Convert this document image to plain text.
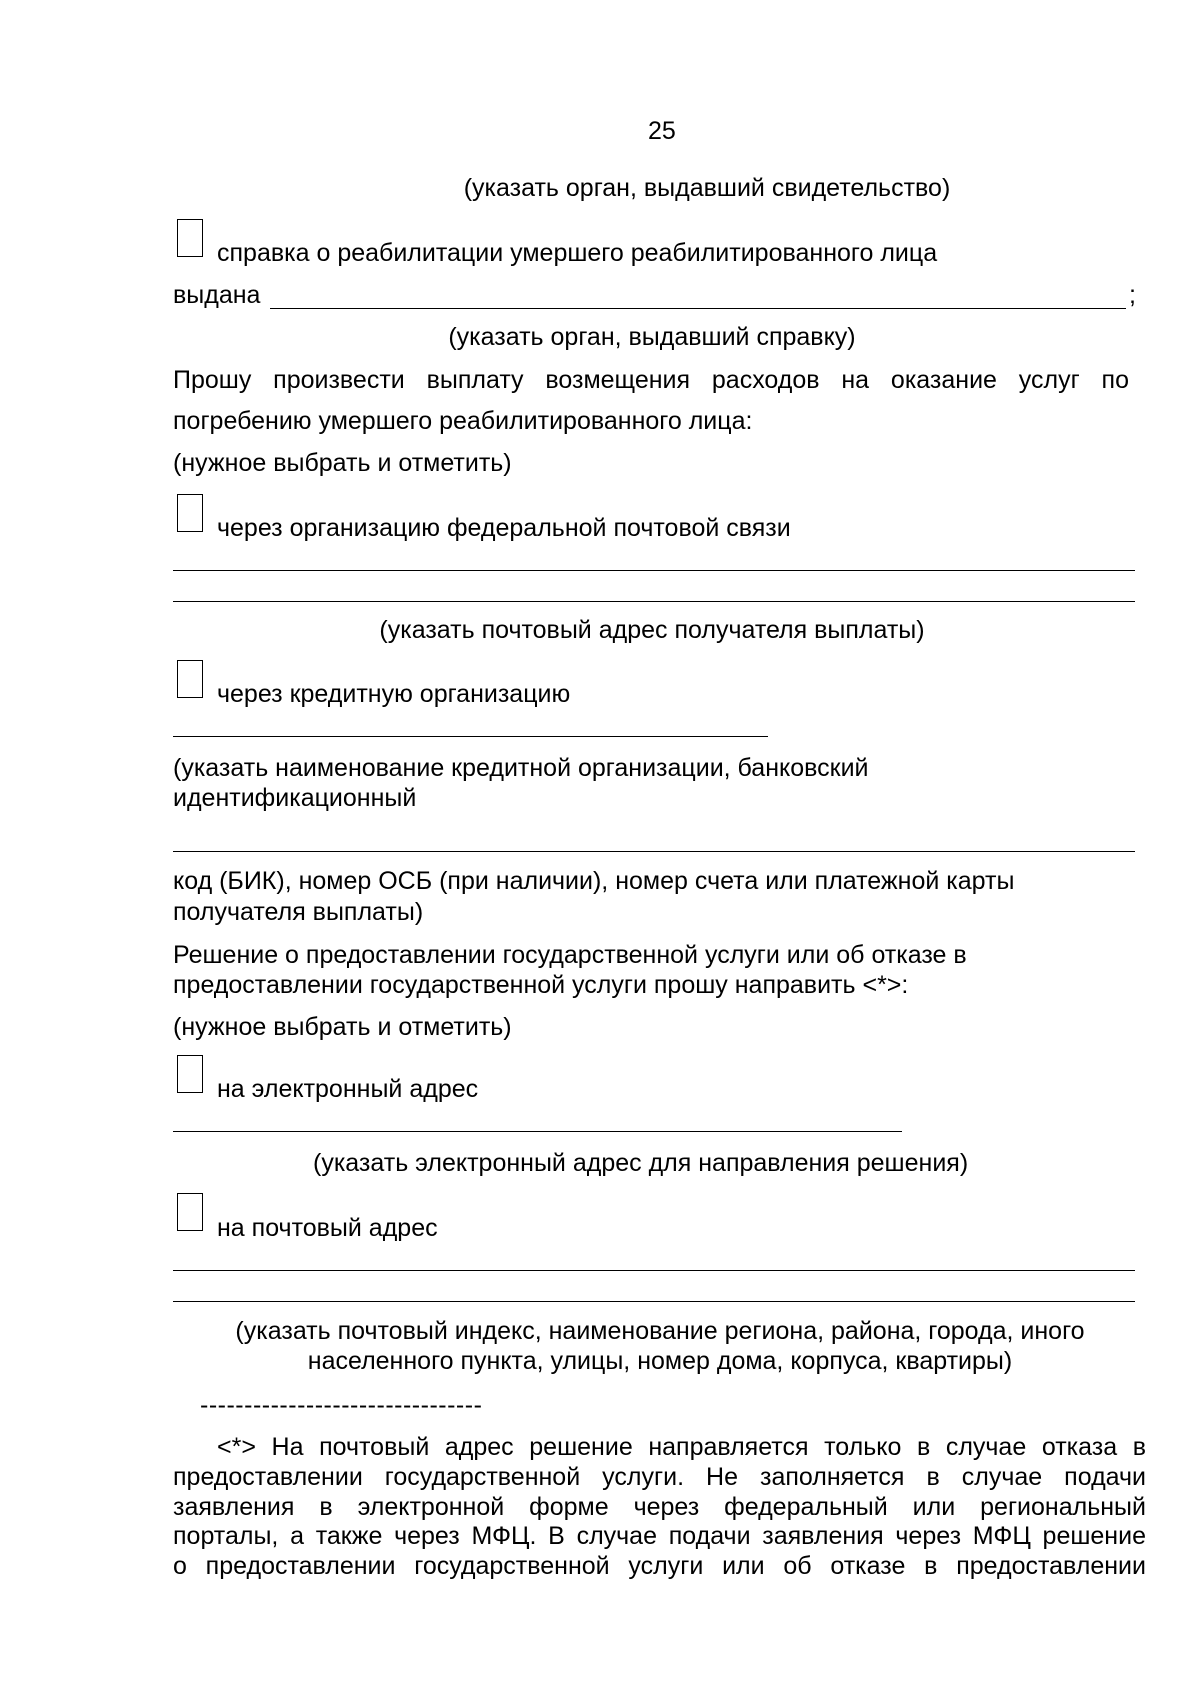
25
(указать орган, выдавший свидетельство)
справка о реабилитации умершего реабилитированного лица
выдана	;
(указать орган, выдавший справку)
Прошу произвести выплату возмещения расходов на оказание услуг по
погребению умершего реабилитированного лица:
(нужное выбрать и отметить)
через организацию федеральной почтовой связи
(указать почтовый адрес получателя выплаты)
через кредитную организацию
(указать наименование кредитной организации, банковский
идентификационный
код (БИК), номер ОСБ (при наличии), номер счета или платежной карты
получателя выплаты)
Решение о предоставлении государственной услуги или об отказе в
предоставлении государственной услуги прошу направить <*>:
(нужное выбрать и отметить)
на электронный адрес
(указать электронный адрес для направления решения)
на почтовый адрес
(указать почтовый индекс, наименование региона, района, города, иного
населенного пункта, улицы, номер дома, корпуса, квартиры)
--------------------------------
<*> На почтовый адрес решение направляется только в случае отказа в
предоставлении государственной услуги. Не заполняется в случае подачи
заявления в электронной форме через федеральный или региональный
порталы, а также через МФЦ. В случае подачи заявления через МФЦ решение
о предоставлении государственной услуги или об отказе в предоставлении
